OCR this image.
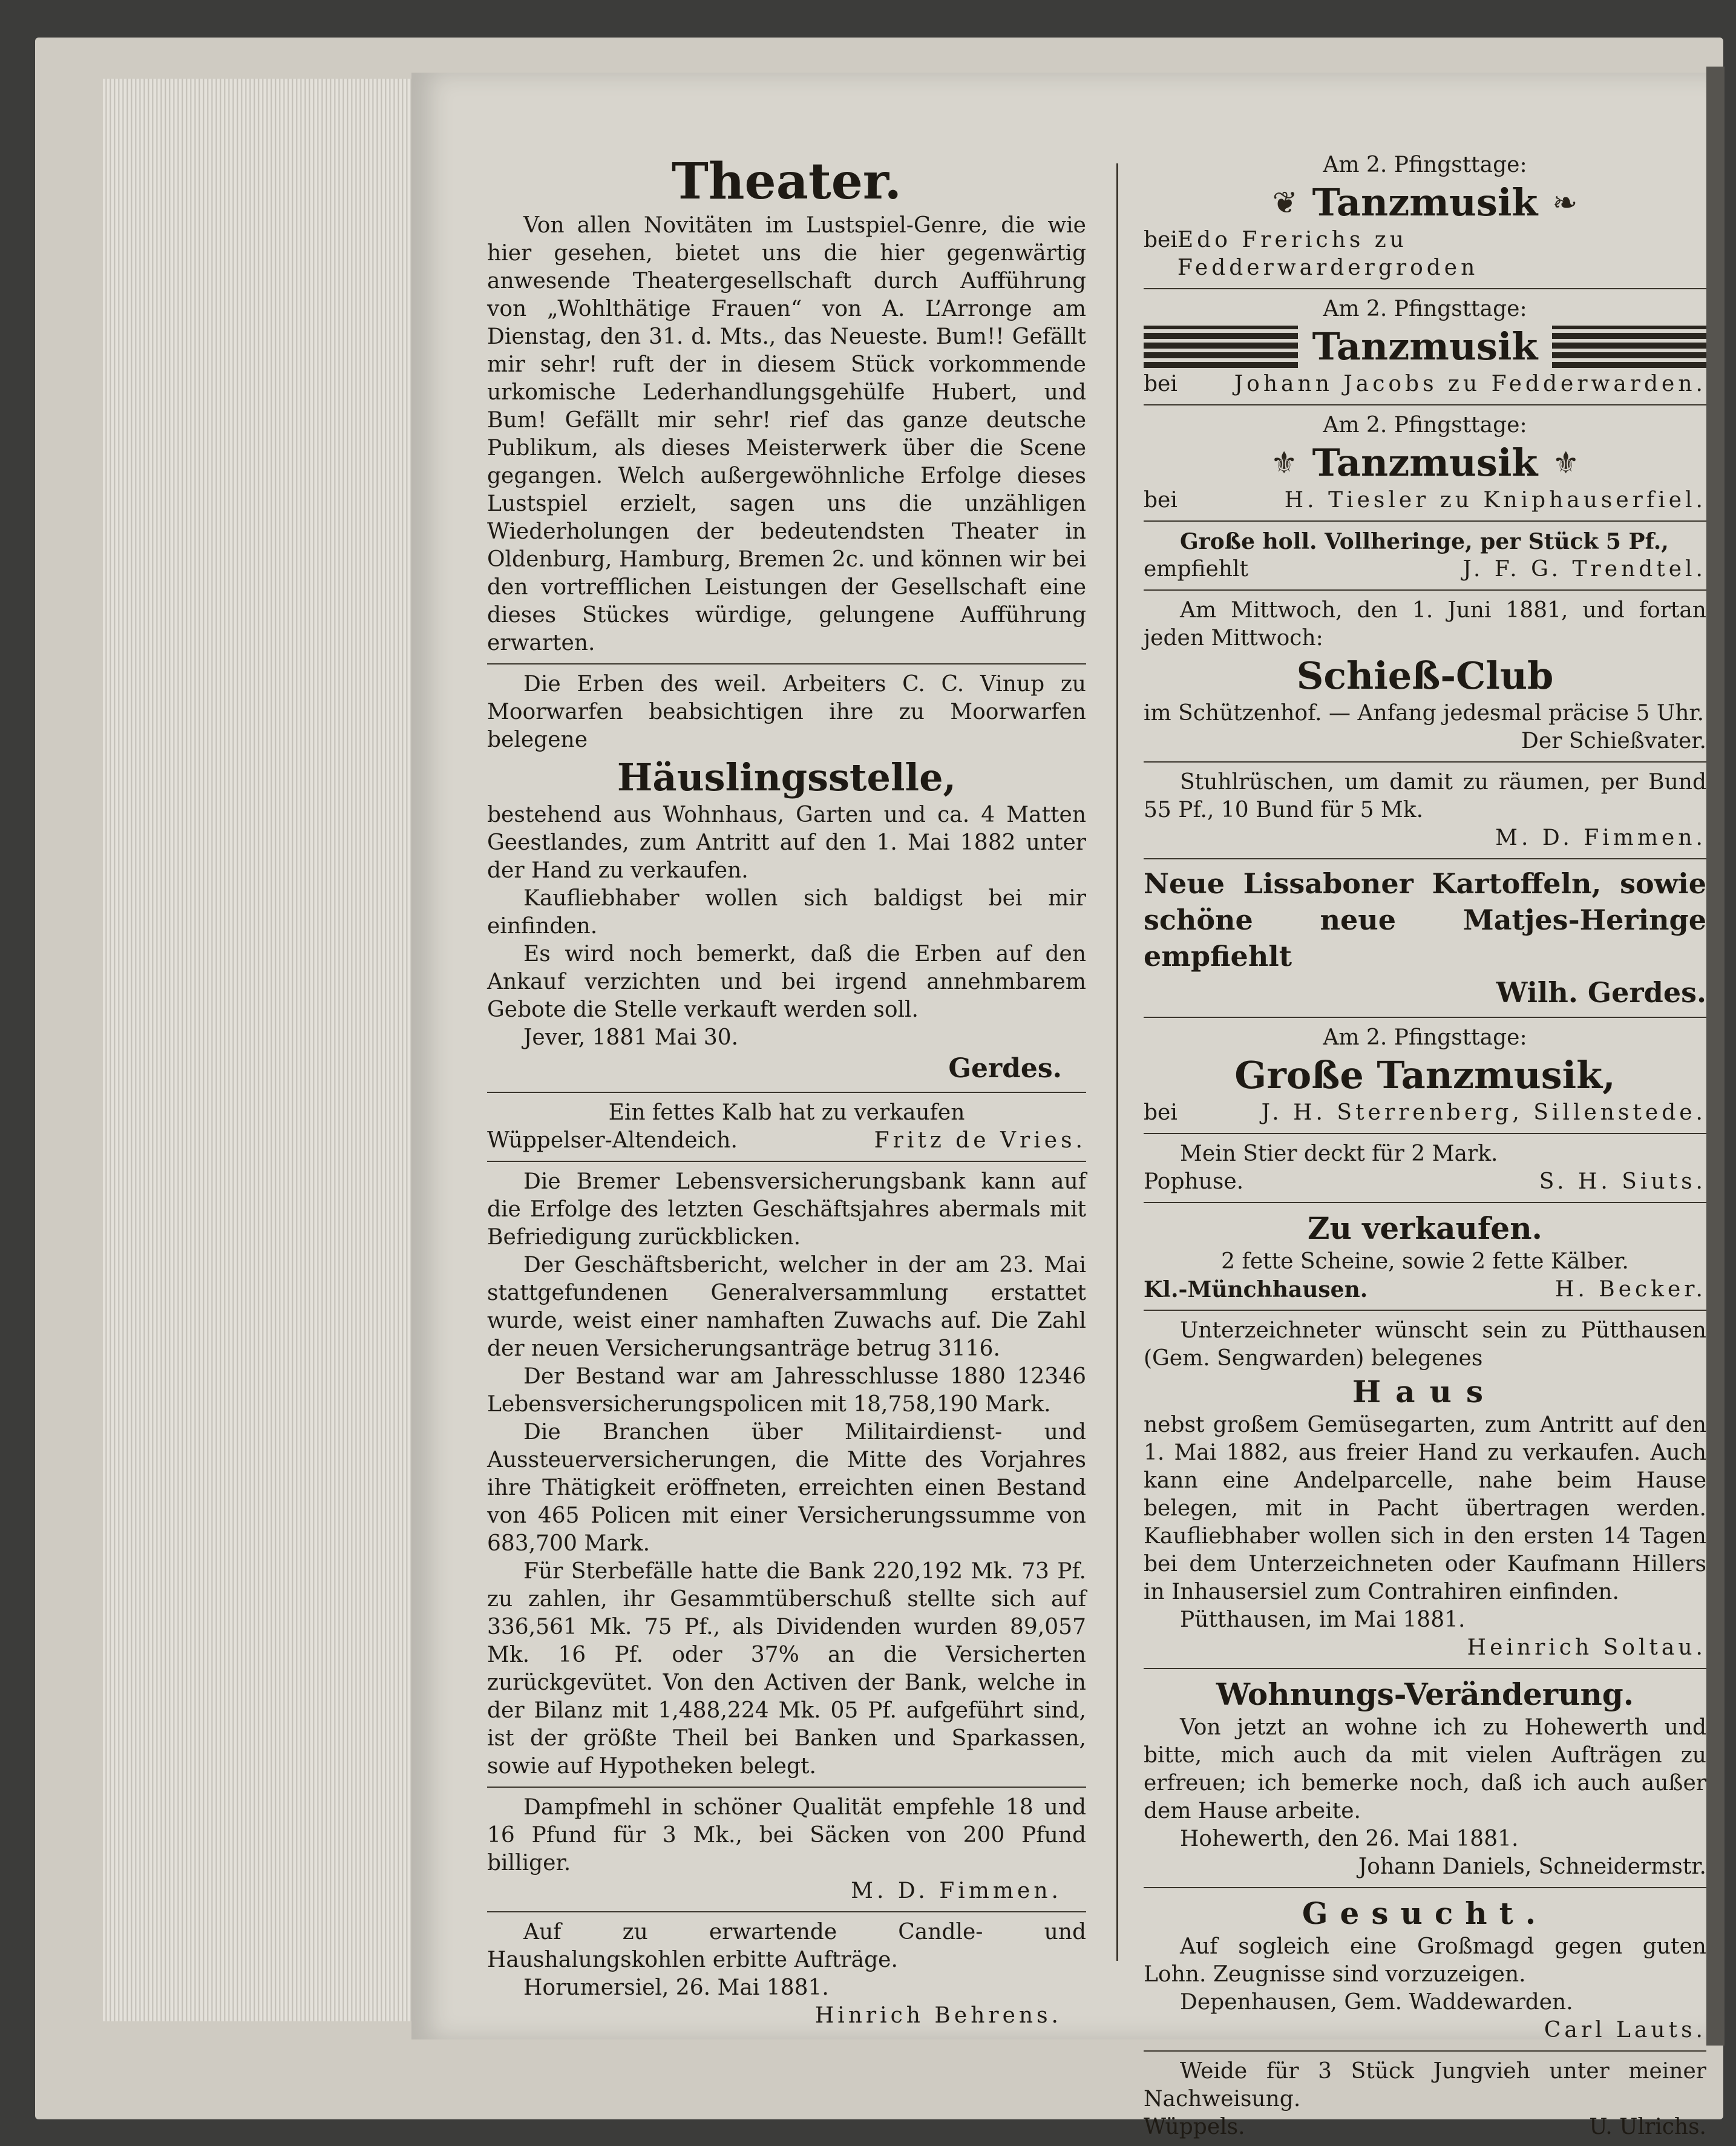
Theater.

Von allen Novitäten im Lustspiel-Genre, die wie hier gesehen, bietet uns die hier gegenwärtig anwesende Theatergesellschaft durch Aufführung von „Wohlthätige Frauen“ von A. L’Arronge am Dienstag, den 31. d. Mts., das Neueste. Bum!! Gefällt mir sehr! ruft der in diesem Stück vorkommende urkomische Lederhandlungsgehülfe Hubert, und Bum! Gefällt mir sehr! rief das ganze deutsche Publikum, als dieses Meisterwerk über die Scene gegangen. Welch außergewöhnliche Erfolge dieses Lustspiel erzielt, sagen uns die unzähligen Wiederholungen der bedeutendsten Theater in Oldenburg, Hamburg, Bremen 2c. und können wir bei den vortrefflichen Leistungen der Gesellschaft eine dieses Stückes würdige, gelungene Aufführung erwarten.

Die Erben des weil. Arbeiters C. C. Vinup zu Moorwarfen beabsichtigen ihre zu Moorwarfen belegene

Häuslingsstelle,

bestehend aus Wohnhaus, Garten und ca. 4 Matten Geestlandes, zum Antritt auf den 1. Mai 1882 unter der Hand zu verkaufen.

Kaufliebhaber wollen sich baldigst bei mir einfinden.

Es wird noch bemerkt, daß die Erben auf den Ankauf verzichten und bei irgend annehmbarem Gebote die Stelle verkauft werden soll.

Jever, 1881 Mai 30.

Gerdes.

Ein fettes Kalb hat zu verkaufen

Wüppelser-Altendeich.	Fritz de Vries.

Die Bremer Lebensversicherungsbank kann auf die Erfolge des letzten Geschäftsjahres abermals mit Befriedigung zurückblicken.

Der Geschäftsbericht, welcher in der am 23. Mai stattgefundenen Generalversammlung erstattet wurde, weist einer namhaften Zuwachs auf. Die Zahl der neuen Versicherungsanträge betrug 3116.

Der Bestand war am Jahresschlusse 1880 12346 Lebensversicherungspolicen mit 18,758,190 Mark.

Die Branchen über Militairdienst- und Aussteuerversicherungen, die Mitte des Vorjahres ihre Thätigkeit eröffneten, erreichten einen Bestand von 465 Policen mit einer Versicherungssumme von 683,700 Mark.

Für Sterbefälle hatte die Bank 220,192 Mk. 73 Pf. zu zahlen, ihr Gesammtüberschuß stellte sich auf 336,561 Mk. 75 Pf., als Dividenden wurden 89,057 Mk. 16 Pf. oder 37% an die Versicherten zurückgevütet. Von den Activen der Bank, welche in der Bilanz mit 1,488,224 Mk. 05 Pf. aufgeführt sind, ist der größte Theil bei Banken und Sparkassen, sowie auf Hypotheken belegt.

Dampfmehl in schöner Qualität empfehle 18 und 16 Pfund für 3 Mk., bei Säcken von 200 Pfund billiger.

M. D. Fimmen.

Auf zu erwartende Candle- und Haushalungskohlen erbitte Aufträge.

Horumersiel, 26. Mai 1881.

Hinrich Behrens.

Am 2. Pfingsttage:

❦ Tanzmusik ❧
bei Edo Frerichs zu Fedderwardergroden

Am 2. Pfingsttage:

Tanzmusik
bei	Johann Jacobs zu Fedderwarden.

Am 2. Pfingsttage:

⚜ Tanzmusik ⚜
bei	H. Tiesler zu Kniphauserfiel.

Große holl. Vollheringe, per Stück 5 Pf.,

empfiehlt	J. F. G. Trendtel.

Am Mittwoch, den 1. Juni 1881, und fortan jeden Mittwoch:

Schieß-Club

im Schützenhof. — Anfang jedesmal präcise 5 Uhr.

Der Schießvater.

Stuhlrüschen, um damit zu räumen, per Bund 55 Pf., 10 Bund für 5 Mk.

M. D. Fimmen.

Neue Lissaboner Kartoffeln, sowie schöne neue Matjes-Heringe empfiehlt

Wilh. Gerdes.

Am 2. Pfingsttage:

Große Tanzmusik,

bei	J. H. Sterrenberg, Sillenstede.

Mein Stier deckt für 2 Mark.

Pophuse.	S. H. Siuts.

Zu verkaufen.

2 fette Scheine, sowie 2 fette Kälber.

Kl.-Münchhausen.	H. Becker.

Unterzeichneter wünscht sein zu Pütthausen (Gem. Sengwarden) belegenes

Haus

nebst großem Gemüsegarten, zum Antritt auf den 1. Mai 1882, aus freier Hand zu verkaufen. Auch kann eine Andelparcelle, nahe beim Hause belegen, mit in Pacht übertragen werden. Kaufliebhaber wollen sich in den ersten 14 Tagen bei dem Unterzeichneten oder Kaufmann Hillers in Inhausersiel zum Contrahiren einfinden.

Pütthausen, im Mai 1881.

Heinrich Soltau.

Wohnungs-Veränderung.

Von jetzt an wohne ich zu Hohewerth und bitte, mich auch da mit vielen Aufträgen zu erfreuen; ich bemerke noch, daß ich auch außer dem Hause arbeite.

Hohewerth, den 26. Mai 1881.

Johann Daniels, Schneidermstr.

Gesucht.

Auf sogleich eine Großmagd gegen guten Lohn. Zeugnisse sind vorzuzeigen.

Depenhausen, Gem. Waddewarden.

Carl Lauts.

Weide für 3 Stück Jungvieh unter meiner Nachweisung.

Wüppels.	U. Ulrichs.
